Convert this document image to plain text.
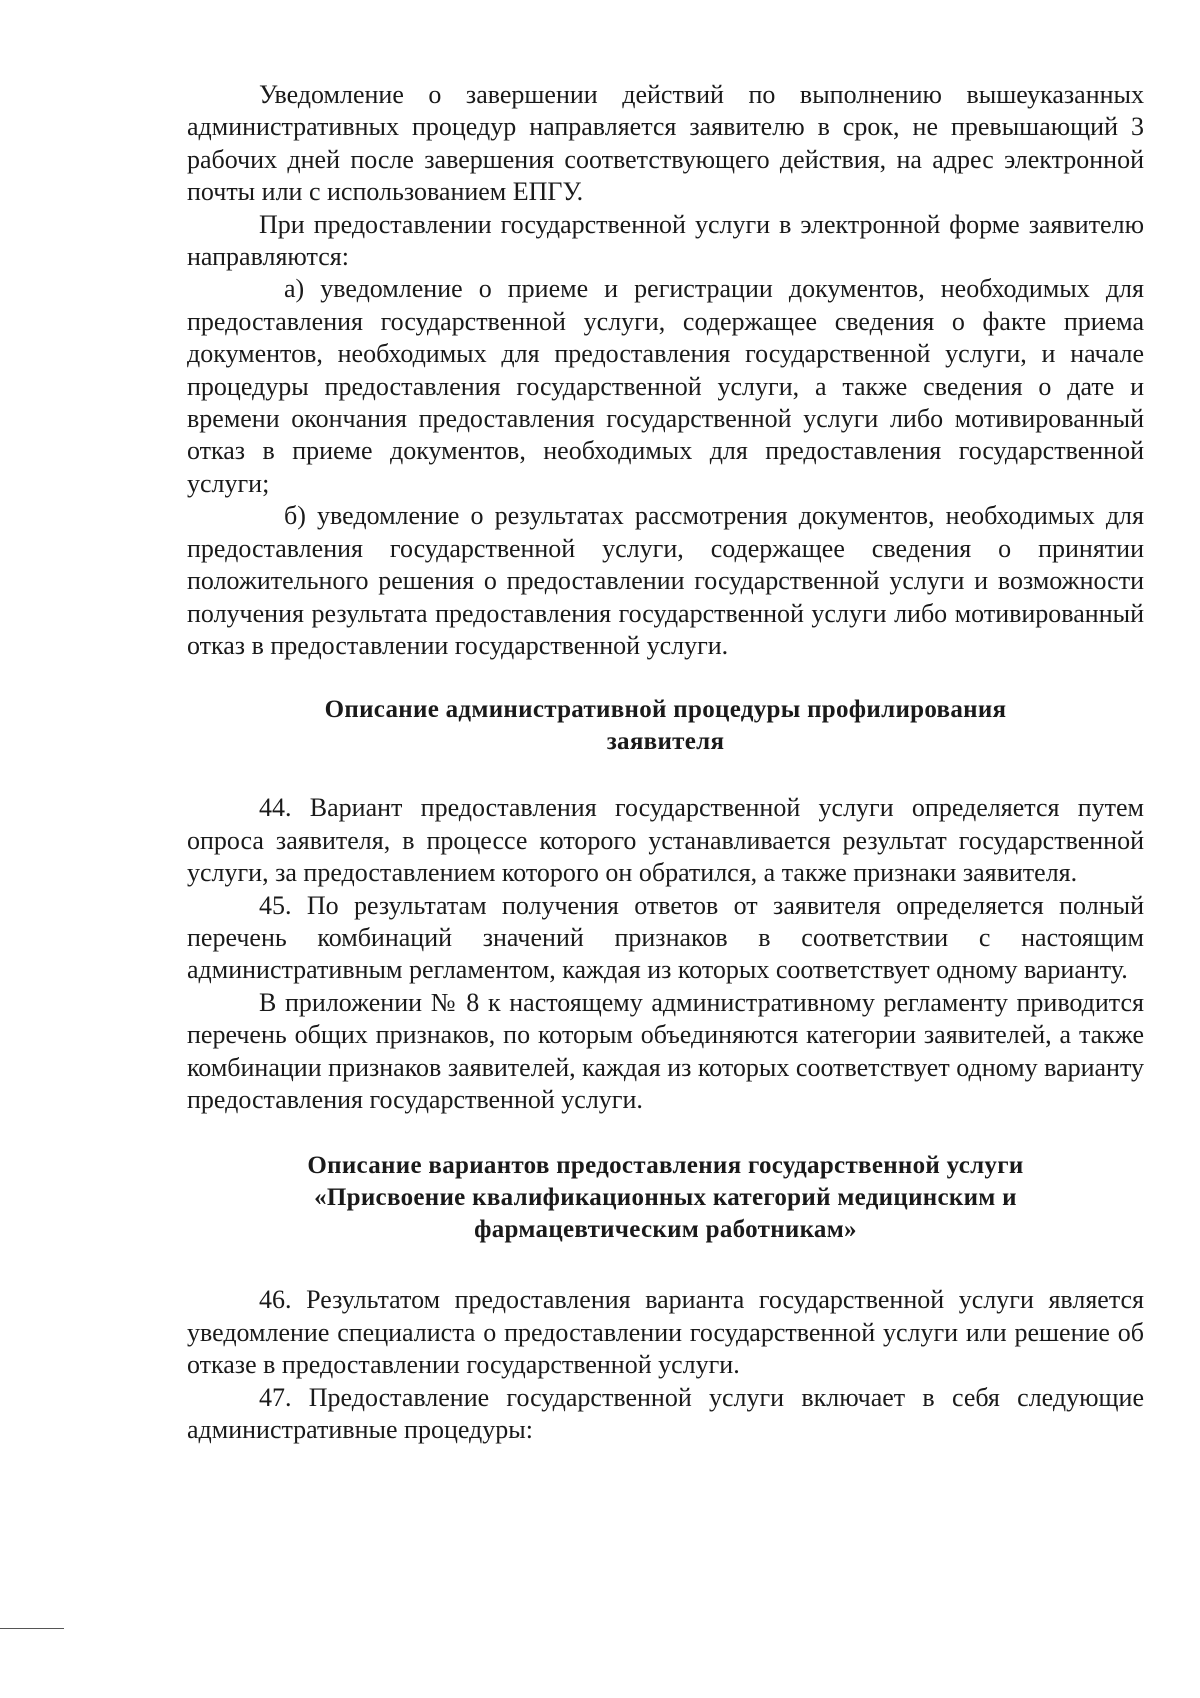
Уведомление о завершении действий по выполнению вышеуказанных административных процедур направляется заявителю в срок, не превышающий 3 рабочих дней после завершения соответствующего действия, на адрес электронной почты или с использованием ЕПГУ.

При предоставлении государственной услуги в электронной форме заявителю направляются:

а) уведомление о приеме и регистрации документов, необходимых для предоставления государственной услуги, содержащее сведения о факте приема документов, необходимых для предоставления государственной услуги, и начале процедуры предоставления государственной услуги, а также сведения о дате и времени окончания предоставления государственной услуги либо мотивированный отказ в приеме документов, необходимых для предоставления государственной услуги;

б) уведомление о результатах рассмотрения документов, необходимых для предоставления государственной услуги, содержащее сведения о принятии положительного решения о предоставлении государственной услуги и возможности получения результата предоставления государственной услуги либо мотивированный отказ в предоставлении государственной услуги.

Описание административной процедуры профилирования
заявителя

44. Вариант предоставления государственной услуги определяется путем опроса заявителя, в процессе которого устанавливается результат государственной услуги, за предоставлением которого он обратился, а также признаки заявителя.

45. По результатам получения ответов от заявителя определяется полный перечень комбинаций значений признаков в соответствии с настоящим административным регламентом, каждая из которых соответствует одному варианту.

В приложении № 8 к настоящему административному регламенту приводится перечень общих признаков, по которым объединяются категории заявителей, а также комбинации признаков заявителей, каждая из которых соответствует одному варианту предоставления государственной услуги.

Описание вариантов предоставления государственной услуги
«Присвоение квалификационных категорий медицинским и
фармацевтическим работникам»

46. Результатом предоставления варианта государственной услуги является уведомление специалиста о предоставлении государственной услуги или решение об отказе в предоставлении государственной услуги.

47. Предоставление государственной услуги включает в себя следующие административные процедуры:
